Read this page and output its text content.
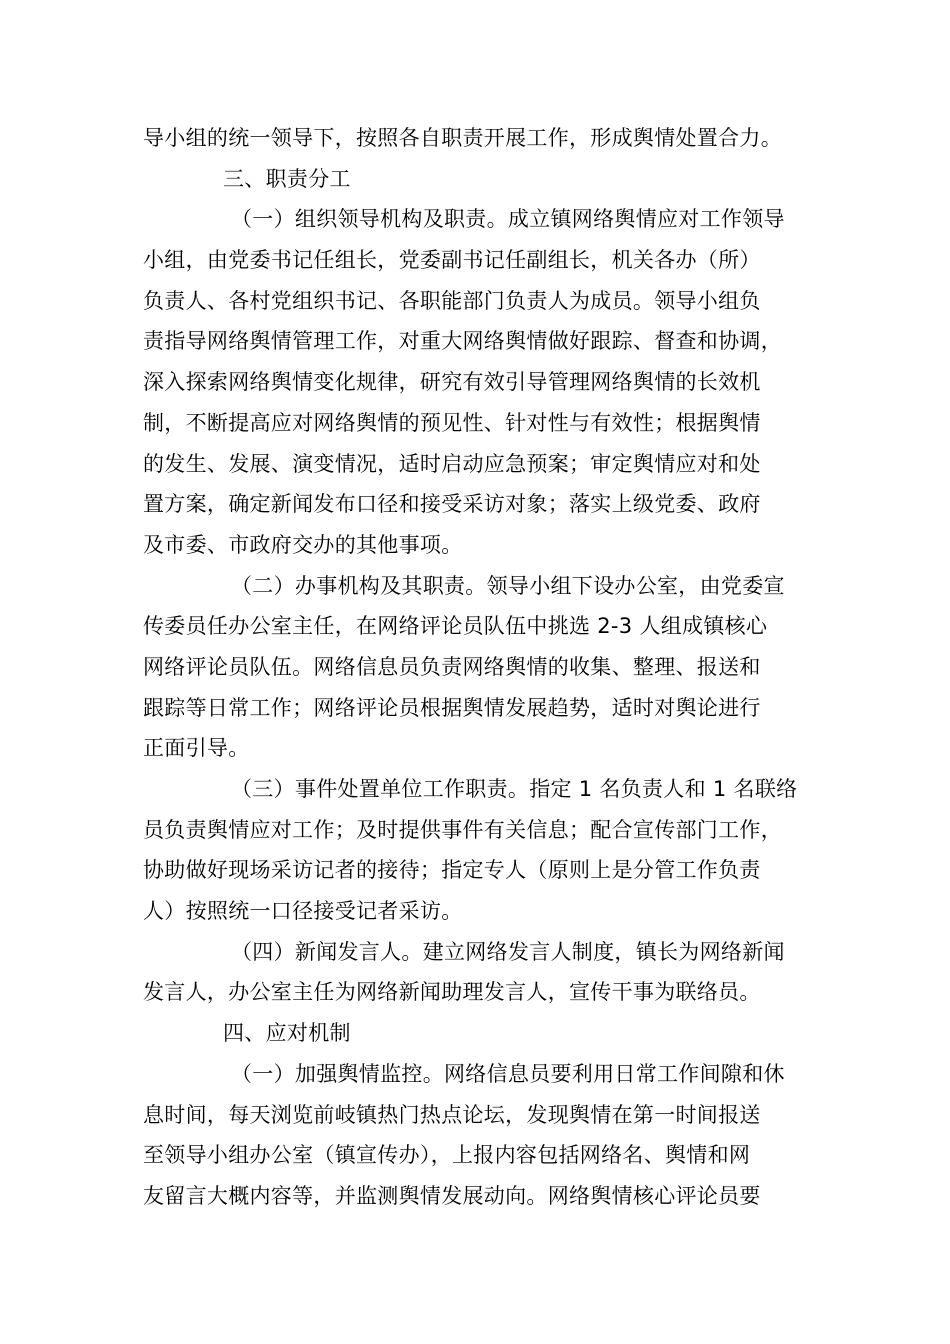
导小组的统一领导下，按照各自职责开展工作，形成舆情处置合力。
三、职责分工
（一）组织领导机构及职责。成立镇网络舆情应对工作领导
小组，由党委书记任组长，党委副书记任副组长，机关各办（所）
负责人、各村党组织书记、各职能部门负责人为成员。领导小组负
责指导网络舆情管理工作，对重大网络舆情做好跟踪、督查和协调，
深入探索网络舆情变化规律，研究有效引导管理网络舆情的长效机
制，不断提高应对网络舆情的预见性、针对性与有效性；根据舆情
的发生、发展、演变情况，适时启动应急预案；审定舆情应对和处
置方案，确定新闻发布口径和接受采访对象；落实上级党委、政府
及市委、市政府交办的其他事项。
（二）办事机构及其职责。领导小组下设办公室，由党委宣
传委员任办公室主任，在网络评论员队伍中挑选 2-3 人组成镇核心
网络评论员队伍。网络信息员负责网络舆情的收集、整理、报送和
跟踪等日常工作；网络评论员根据舆情发展趋势，适时对舆论进行
正面引导。
（三）事件处置单位工作职责。指定 1 名负责人和 1 名联络
员负责舆情应对工作；及时提供事件有关信息；配合宣传部门工作，
协助做好现场采访记者的接待；指定专人（原则上是分管工作负责
人）按照统一口径接受记者采访。
（四）新闻发言人。建立网络发言人制度，镇长为网络新闻
发言人，办公室主任为网络新闻助理发言人，宣传干事为联络员。
四、应对机制
（一）加强舆情监控。网络信息员要利用日常工作间隙和休
息时间，每天浏览前岐镇热门热点论坛，发现舆情在第一时间报送
至领导小组办公室（镇宣传办），上报内容包括网络名、舆情和网
友留言大概内容等，并监测舆情发展动向。网络舆情核心评论员要
